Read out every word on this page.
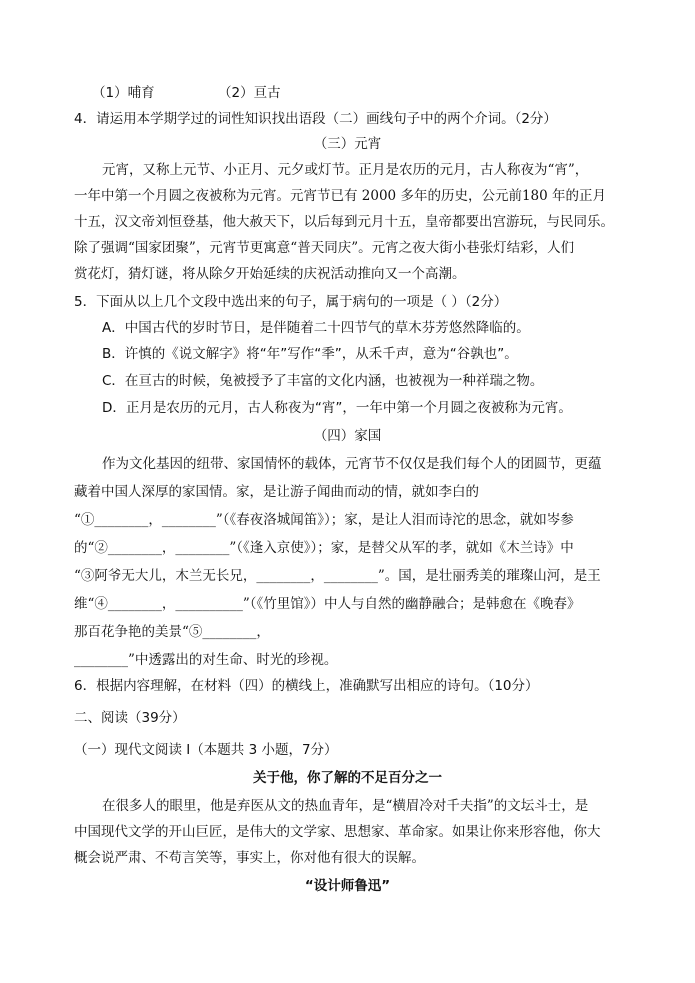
（1）哺育	（2）亘古
4．请运用本学期学过的词性知识找出语段（二）画线句子中的两个介词。（2分）
（三）元宵
元宵，又称上元节、小正月、元夕或灯节。正月是农历的元月，古人称夜为“宵”，
一年中第一个月圆之夜被称为元宵。元宵节已有 2000 多年的历史，公元前180 年的正月
十五，汉文帝刘恒登基，他大赦天下，以后每到元月十五，皇帝都要出宫游玩，与民同乐。
除了强调“国家团聚”，元宵节更寓意“普天同庆”。元宵之夜大街小巷张灯结彩，人们
赏花灯，猜灯谜，将从除夕开始延续的庆祝活动推向又一个高潮。
5．下面从以上几个文段中选出来的句子，属于病句的一项是（ ）（2分）
A．中国古代的岁时节日，是伴随着二十四节气的草木芬芳悠然降临的。
B．许慎的《说文解字》将“年”写作“秊”，从禾千声，意为“谷孰也”。
C．在亘古的时候，兔被授予了丰富的文化内涵，也被视为一种祥瑞之物。
D．正月是农历的元月，古人称夜为“宵”，一年中第一个月圆之夜被称为元宵。
（四）家国
作为文化基因的纽带、家国情怀的载体，元宵节不仅仅是我们每个人的团圆节，更蕴
藏着中国人深厚的家国情。家，是让游子闻曲而动的情，就如李白的
“①________，________”（《春夜洛城闻笛》）；家，是让人泪而诗沱的思念，就如岑参
的“②________，________”（《逢入京使》）；家，是替父从军的孝，就如《木兰诗》中
“③阿爷无大儿，木兰无长兄，________，________”。国，是壮丽秀美的璀璨山河，是王
维“④________，__________”（《竹里馆》）中人与自然的幽静融合；是韩愈在《晚春》
那百花争艳的美景“⑤________，
________”中透露出的对生命、时光的珍视。
6．根据内容理解，在材料（四）的横线上，准确默写出相应的诗句。（10分）
二、阅读（39分）
（一）现代文阅读 I（本题共 3 小题，7分）
关于他，你了解的不足百分之一
在很多人的眼里，他是弃医从文的热血青年，是“横眉冷对千夫指”的文坛斗士，是
中国现代文学的开山巨匠，是伟大的文学家、思想家、革命家。如果让你来形容他，你大
概会说严肃、不苟言笑等，事实上，你对他有很大的误解。
“设计师鲁迅”
